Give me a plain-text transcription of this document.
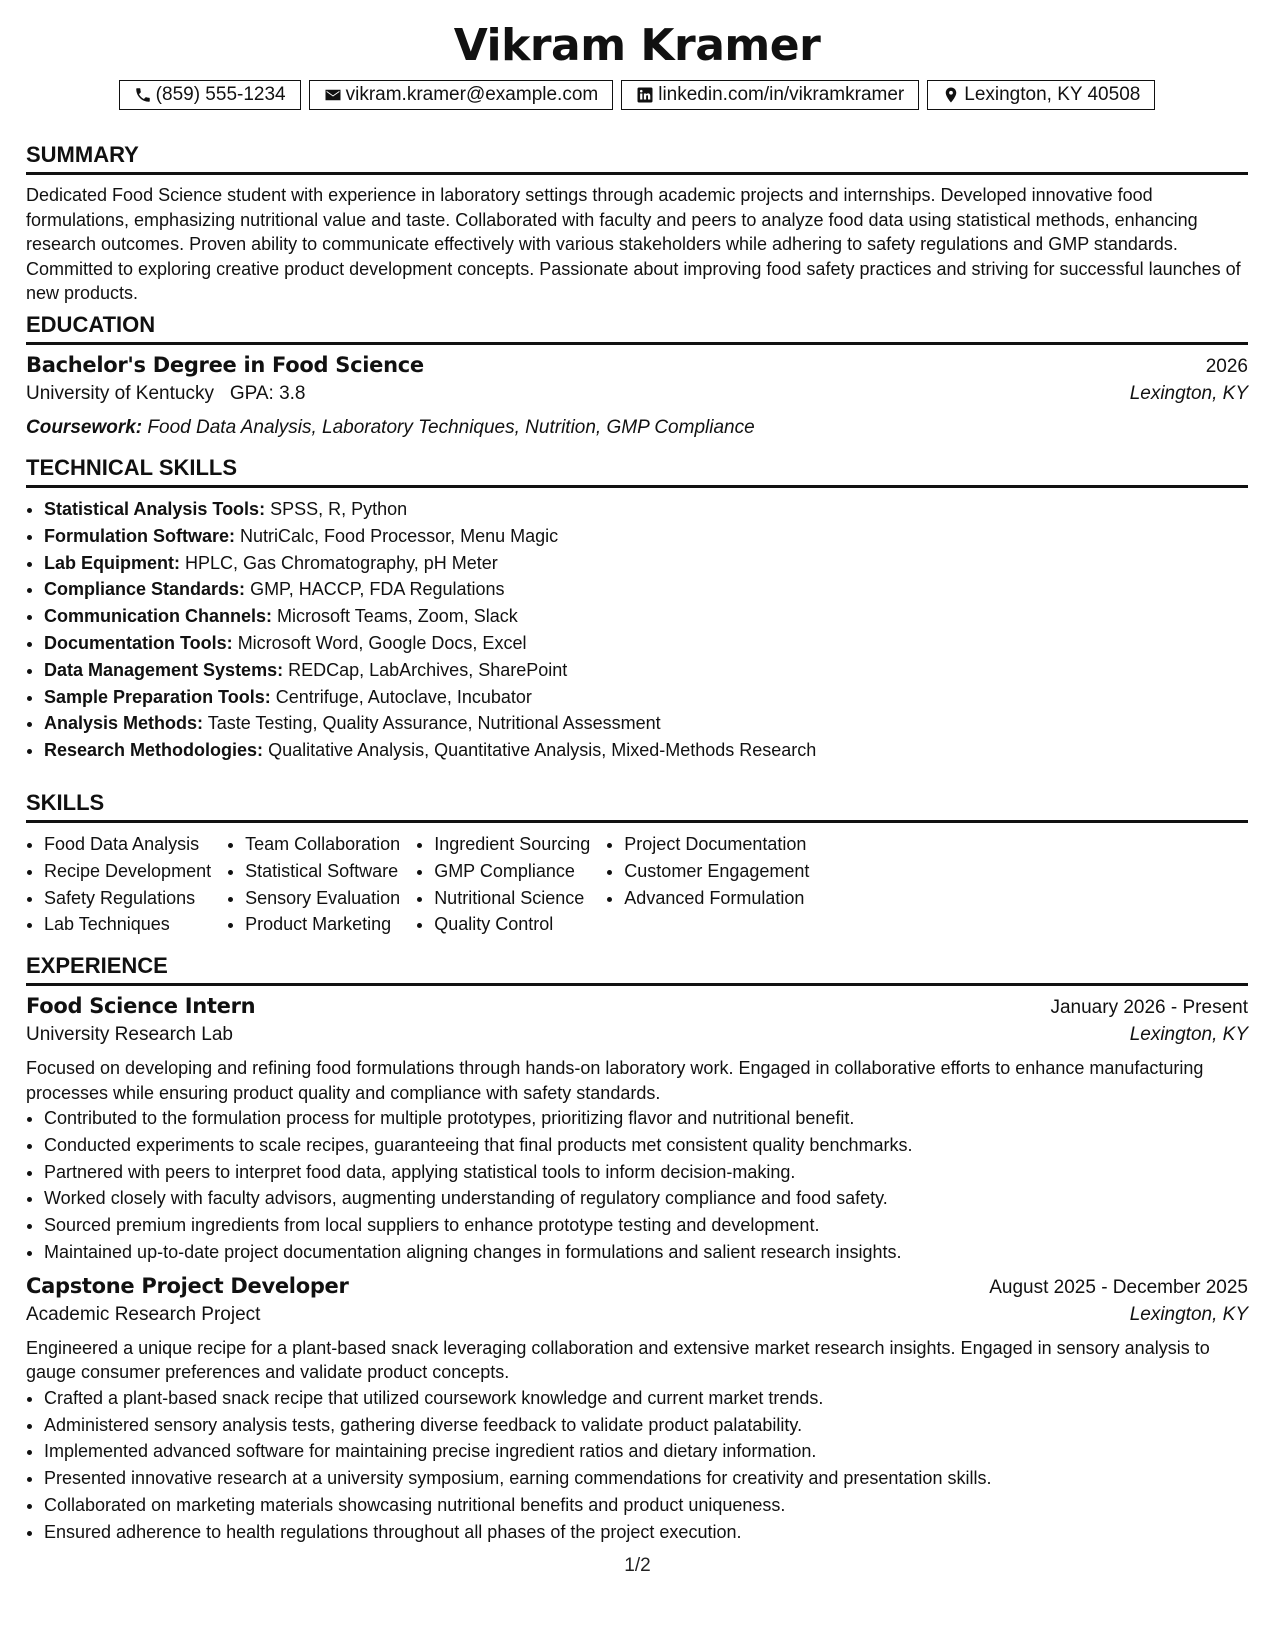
Vikram Kramer
(859) 555-1234	vikram.kramer@example.com	linkedin.com/in/vikramkramer	Lexington, KY 40508
SUMMARY

Dedicated Food Science student with experience in laboratory settings through academic projects and internships. Developed innovative food formulations, emphasizing nutritional value and taste. Collaborated with faculty and peers to analyze food data using statistical methods, enhancing research outcomes. Proven ability to communicate effectively with various stakeholders while adhering to safety regulations and GMP standards. Committed to exploring creative product development concepts. Passionate about improving food safety practices and striving for successful launches of new products.

EDUCATION
Bachelor's Degree in Food Science	2026
University of Kentucky GPA: 3.8	Lexington, KY
Coursework: Food Data Analysis, Laboratory Techniques, Nutrition, GMP Compliance
TECHNICAL SKILLS
• Statistical Analysis Tools: SPSS, R, Python
• Formulation Software: NutriCalc, Food Processor, Menu Magic
• Lab Equipment: HPLC, Gas Chromatography, pH Meter
• Compliance Standards: GMP, HACCP, FDA Regulations
• Communication Channels: Microsoft Teams, Zoom, Slack
• Documentation Tools: Microsoft Word, Google Docs, Excel
• Data Management Systems: REDCap, LabArchives, SharePoint
• Sample Preparation Tools: Centrifuge, Autoclave, Incubator
• Analysis Methods: Taste Testing, Quality Assurance, Nutritional Assessment
• Research Methodologies: Qualitative Analysis, Quantitative Analysis, Mixed-Methods Research
SKILLS
• Food Data Analysis
• Recipe Development
• Safety Regulations
• Lab Techniques
• Team Collaboration
• Statistical Software
• Sensory Evaluation
• Product Marketing
• Ingredient Sourcing
• GMP Compliance
• Nutritional Science
• Quality Control
• Project Documentation
• Customer Engagement
• Advanced Formulation
EXPERIENCE
Food Science Intern	January 2026 - Present
University Research Lab	Lexington, KY

Focused on developing and refining food formulations through hands-on laboratory work. Engaged in collaborative efforts to enhance manufacturing processes while ensuring product quality and compliance with safety standards.

• Contributed to the formulation process for multiple prototypes, prioritizing flavor and nutritional benefit.
• Conducted experiments to scale recipes, guaranteeing that final products met consistent quality benchmarks.
• Partnered with peers to interpret food data, applying statistical tools to inform decision-making.
• Worked closely with faculty advisors, augmenting understanding of regulatory compliance and food safety.
• Sourced premium ingredients from local suppliers to enhance prototype testing and development.
• Maintained up-to-date project documentation aligning changes in formulations and salient research insights.
Capstone Project Developer	August 2025 - December 2025
Academic Research Project	Lexington, KY

Engineered a unique recipe for a plant-based snack leveraging collaboration and extensive market research insights. Engaged in sensory analysis to gauge consumer preferences and validate product concepts.

• Crafted a plant-based snack recipe that utilized coursework knowledge and current market trends.
• Administered sensory analysis tests, gathering diverse feedback to validate product palatability.
• Implemented advanced software for maintaining precise ingredient ratios and dietary information.
• Presented innovative research at a university symposium, earning commendations for creativity and presentation skills.
• Collaborated on marketing materials showcasing nutritional benefits and product uniqueness.
• Ensured adherence to health regulations throughout all phases of the project execution.
1/2
